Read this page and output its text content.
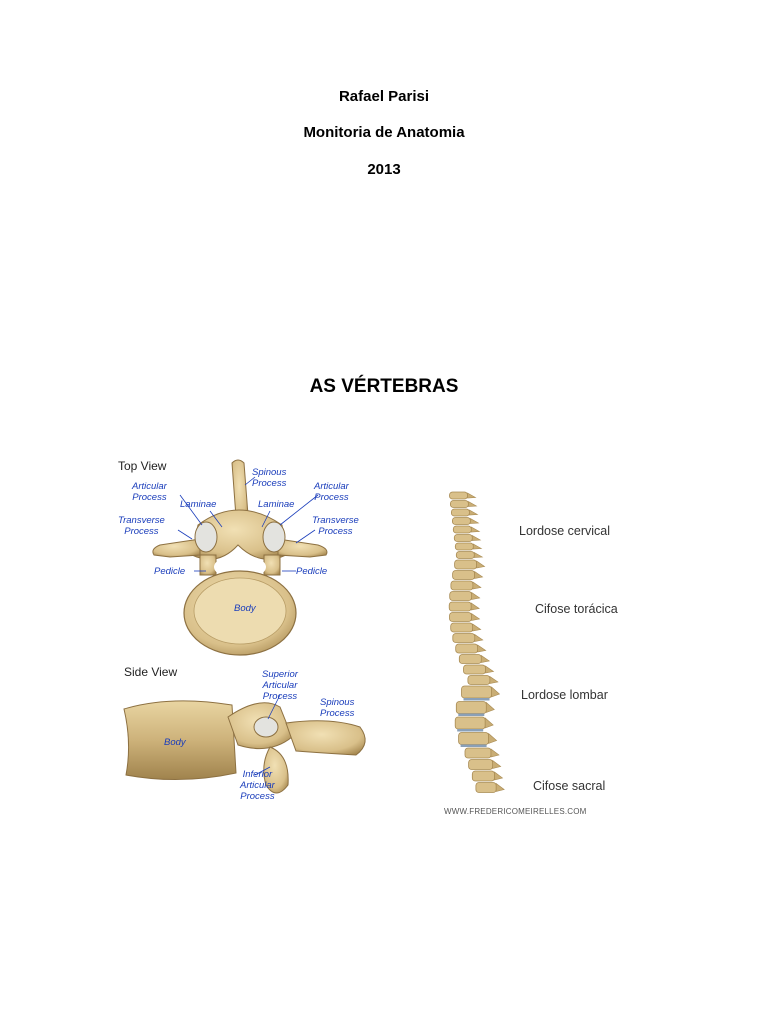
Rafael Parisi
Monitoria de Anatomia
2013
AS VÉRTEBRAS
Top View
Side View
Spinous
Process
Articular
Process
Articular
Process
Laminae	Laminae
Transverse
Process
Transverse
Process
Pedicle	Pedicle
Body
Superior
Articular
Process
Spinous
Process
Body
Inferior
Articular
Process
Lordose cervical
Cifose torácica
Lordose lombar
Cifose sacral
WWW.FREDERICOMEIRELLES.COM
